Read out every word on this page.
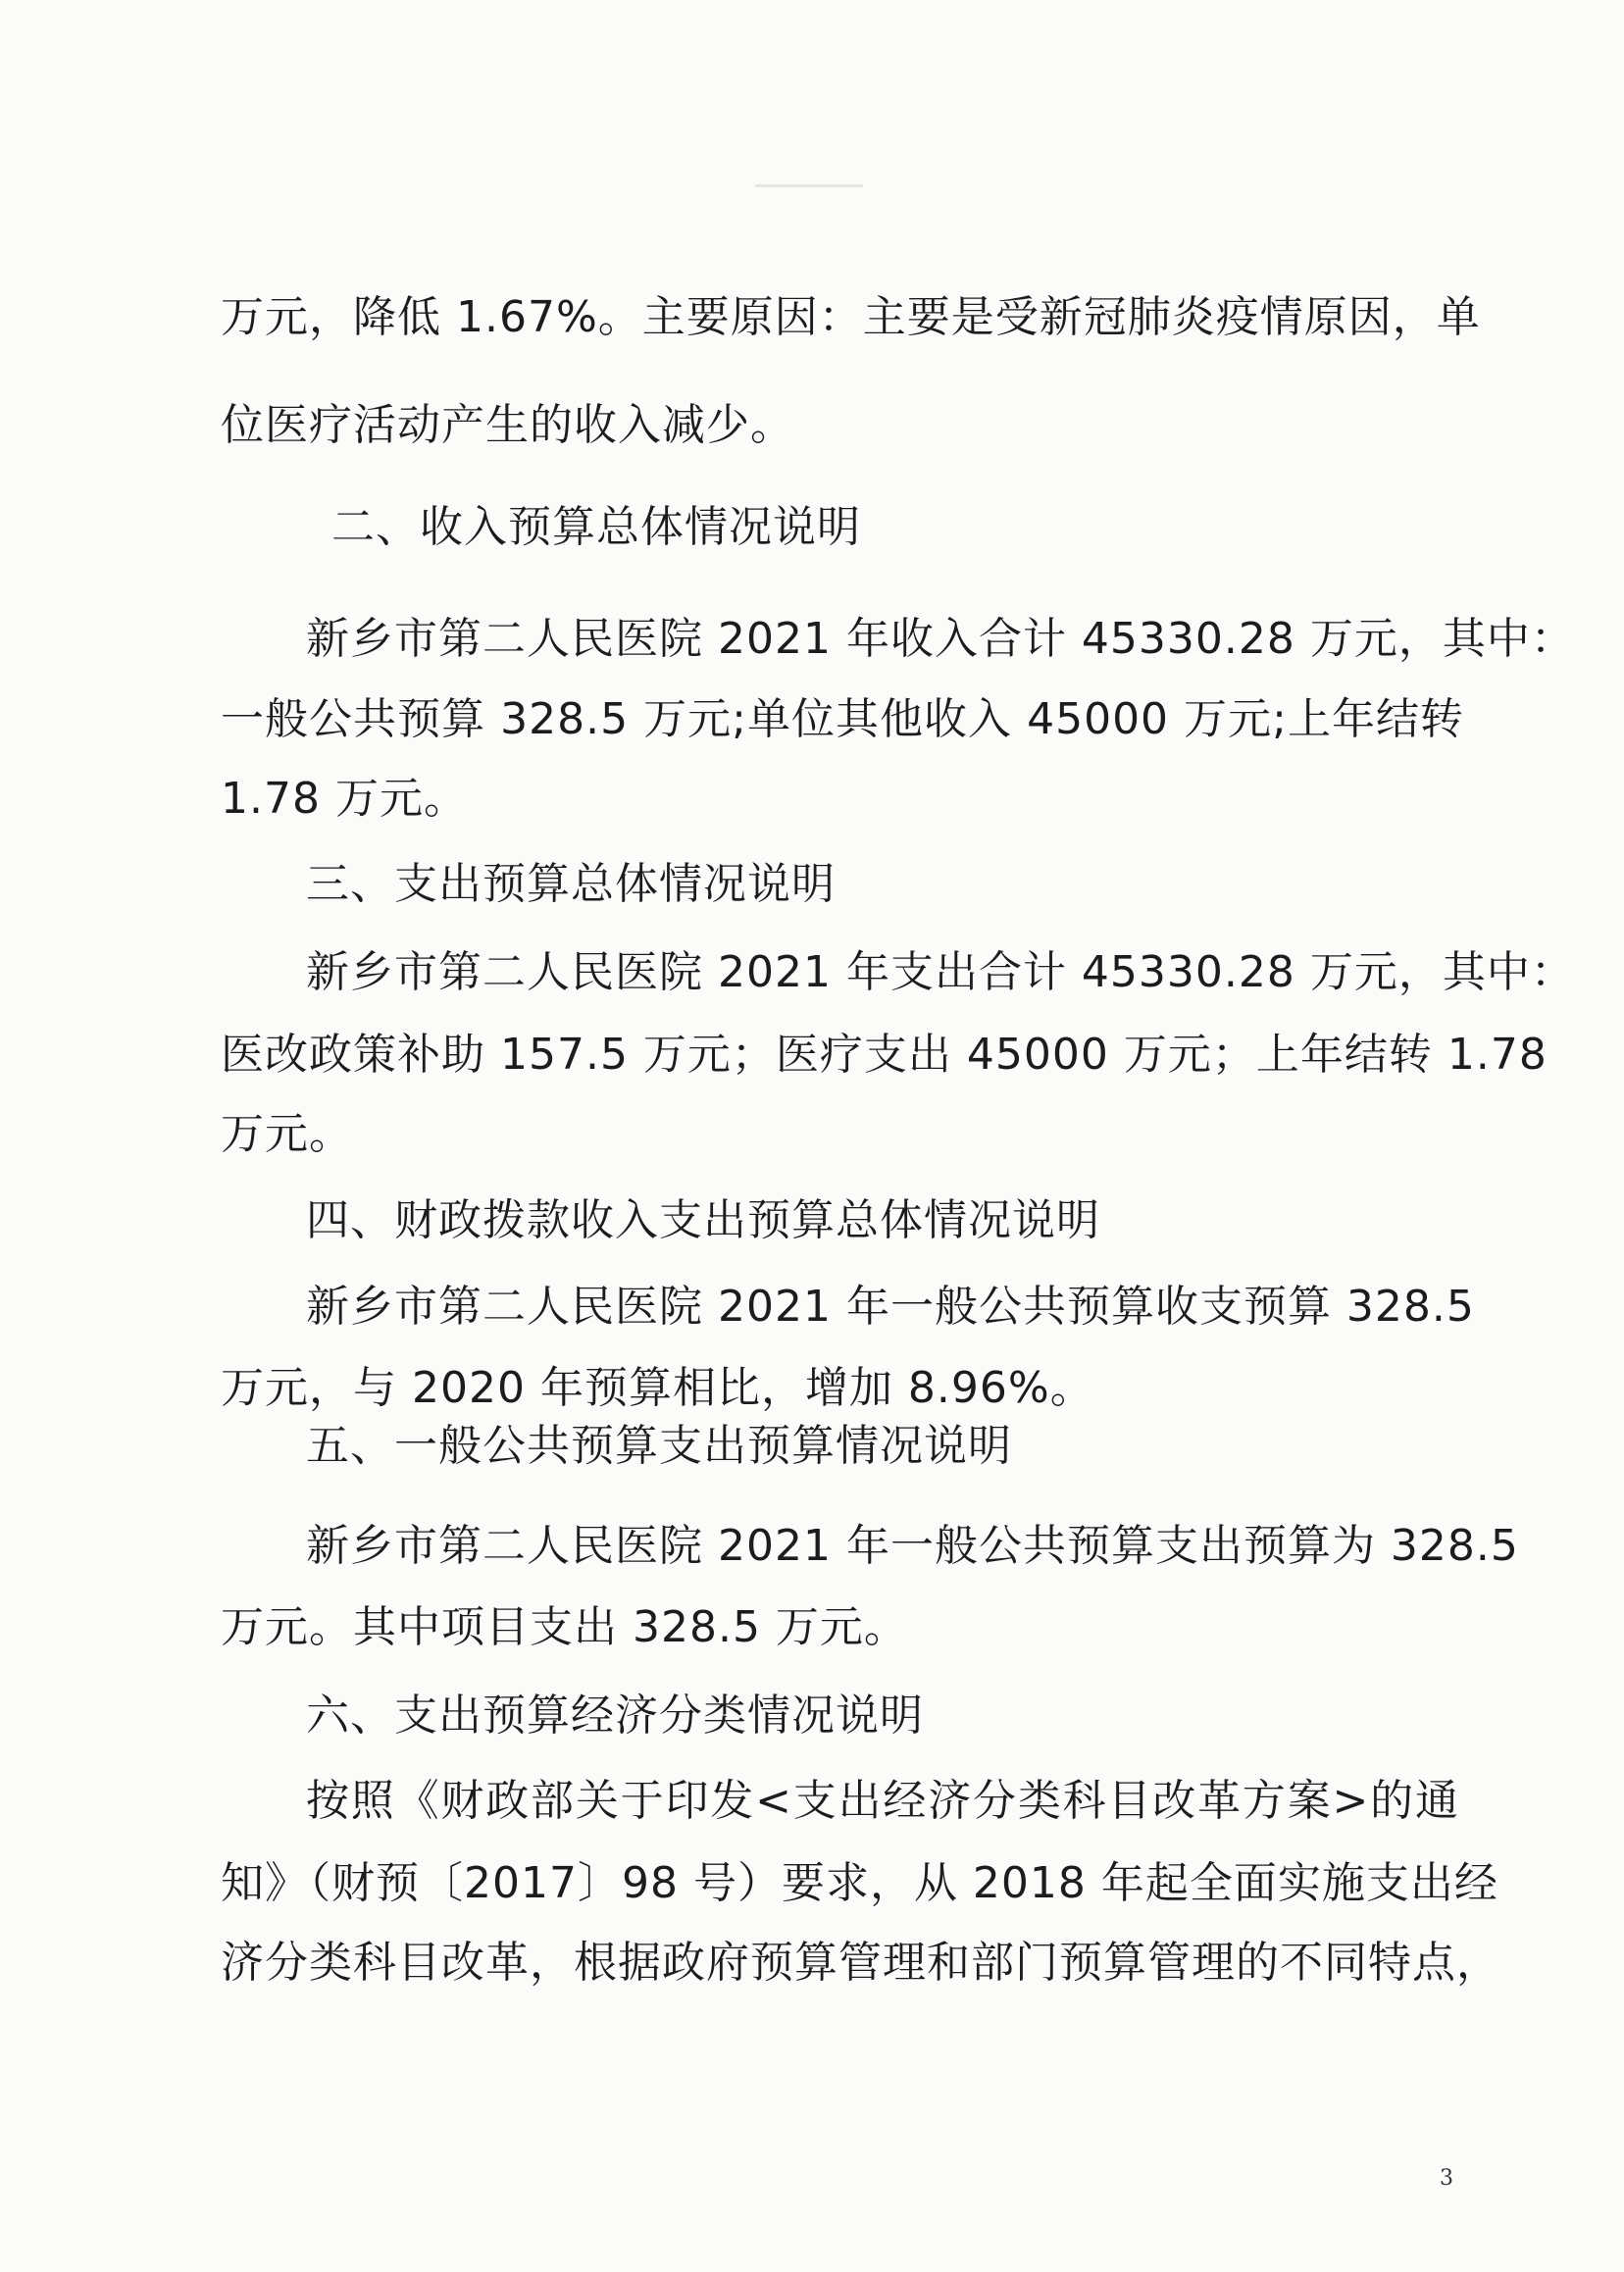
万元，降低 1.67%。主要原因：主要是受新冠肺炎疫情原因，单
位医疗活动产生的收入减少。
二、收入预算总体情况说明
新乡市第二人民医院 2021 年收入合计 45330.28 万元，其中：
一般公共预算 328.5 万元;单位其他收入 45000 万元;上年结转
1.78 万元。
三、支出预算总体情况说明
新乡市第二人民医院 2021 年支出合计 45330.28 万元，其中：
医改政策补助 157.5 万元；医疗支出 45000 万元；上年结转 1.78
万元。
四、财政拨款收入支出预算总体情况说明
新乡市第二人民医院 2021 年一般公共预算收支预算 328.5
万元，与 2020 年预算相比，增加 8.96%。
五、一般公共预算支出预算情况说明
新乡市第二人民医院 2021 年一般公共预算支出预算为 328.5
万元。其中项目支出 328.5 万元。
六、支出预算经济分类情况说明
按照《财政部关于印发<支出经济分类科目改革方案>的通
知》（财预〔2017〕98 号）要求，从 2018 年起全面实施支出经
济分类科目改革，根据政府预算管理和部门预算管理的不同特点，
3
